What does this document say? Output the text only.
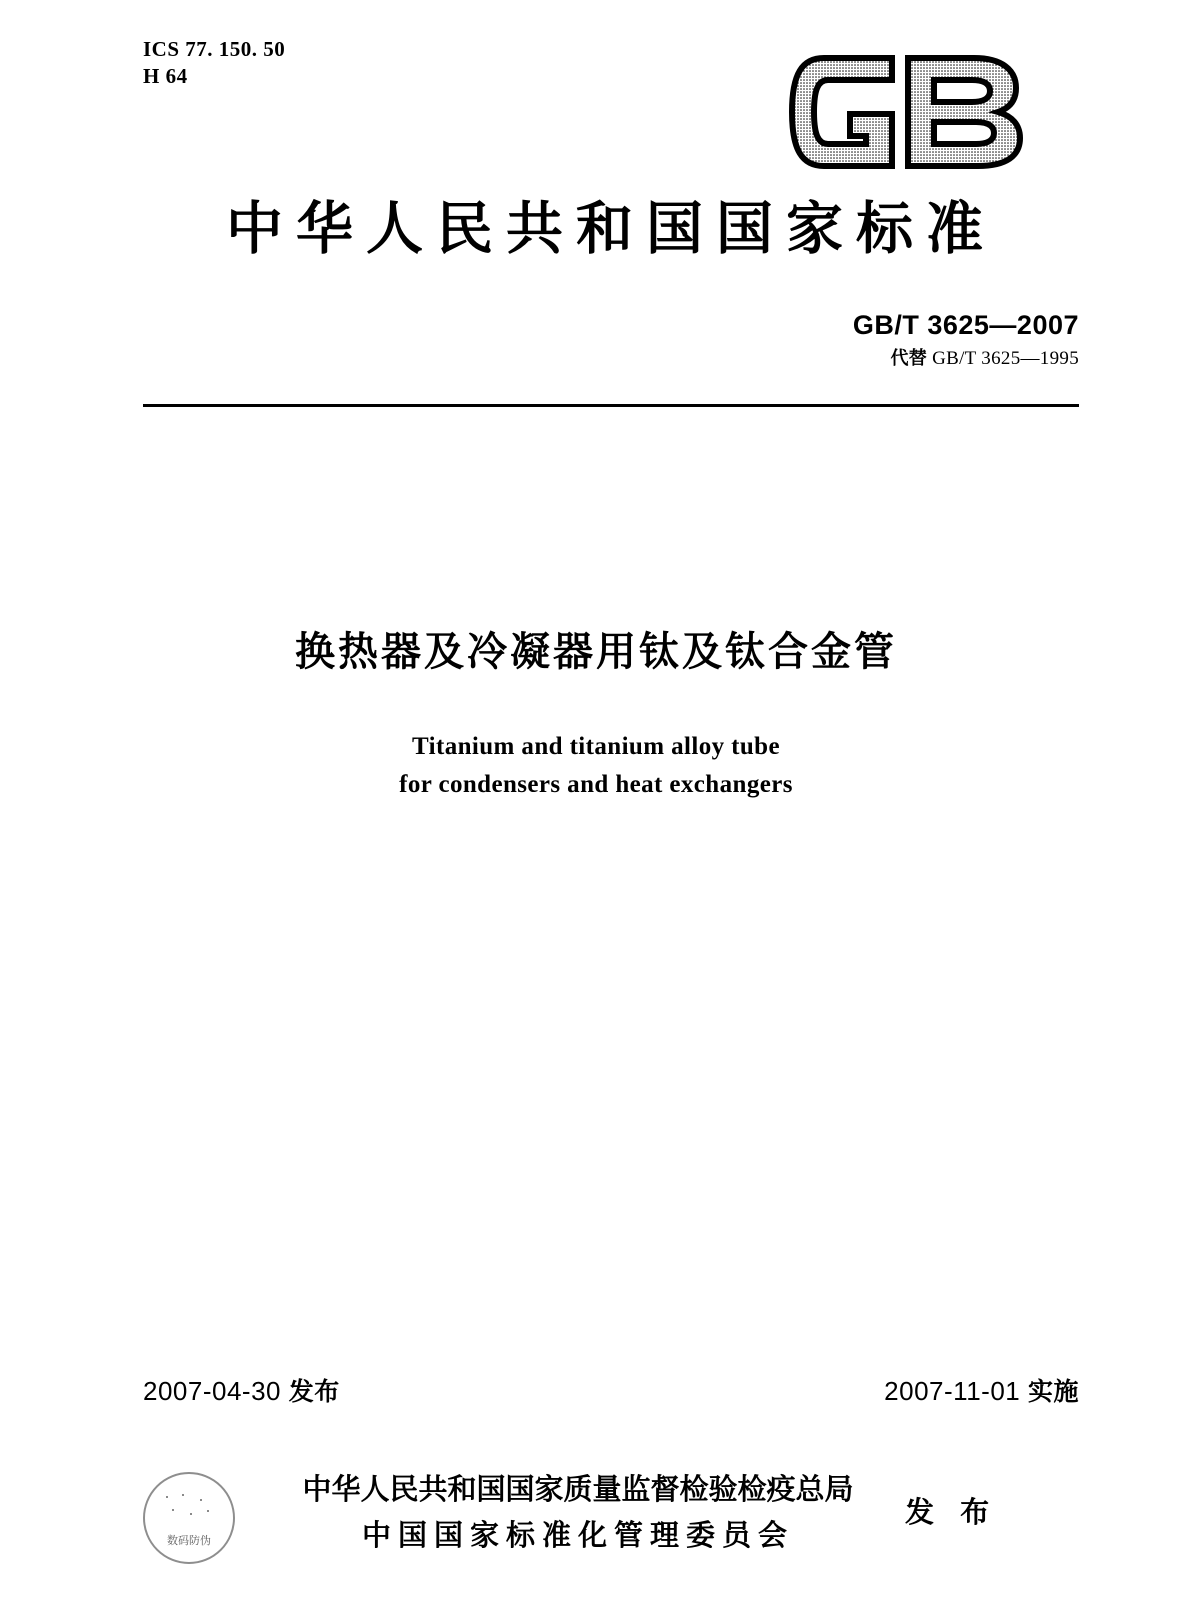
ICS 77. 150. 50
H 64
中华人民共和国国家标准
GB/T 3625—2007
代替 GB/T 3625—1995
换热器及冷凝器用钛及钛合金管
Titanium and titanium alloy tube
for condensers and heat exchangers
2007-04-30 发布	2007-11-01 实施
数码防伪
中华人民共和国国家质量监督检验检疫总局
中国国家标准化管理委员会
发 布
